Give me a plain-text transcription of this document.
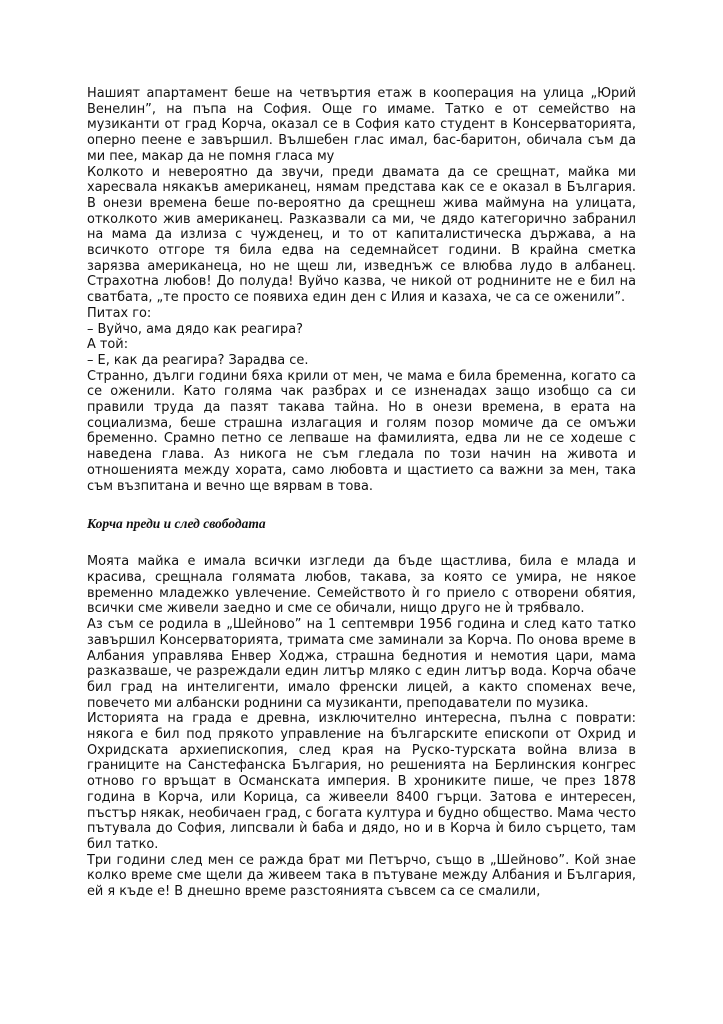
Нашият апартамент беше на четвъртия етаж в кооперация на улица „Юрий Венелин”, на пъпа на София. Още го имаме. Татко е от семейство на музиканти от град Корча, оказал се в София като студент в Консерваторията, оперно пеене е завършил. Вълшебен глас имал, бас-баритон, обичала съм да ми пее, макар да не помня гласа му

Колкото и невероятно да звучи, преди двамата да се срещнат, майка ми харесвала някакъв американец, нямам представа как се е оказал в България. В онези времена беше по-вероятно да срещнеш жива маймуна на улицата, отколкото жив американец. Разказвали са ми, че дядо категорично забранил на мама да излиза с чужденец, и то от капиталистическа държава, а на всичкото отгоре тя била едва на седемнайсет години. В крайна сметка зарязва американеца, но не щеш ли, изведнъж се влюбва лудо в албанец. Страхотна любов! До полуда! Вуйчо казва, че никой от роднините не е бил на сватбата, „те просто се появиха един ден с Илия и казаха, че са се оженили”.

Питах го:

– Вуйчо, ама дядо как реагира?

А той:

– Е, как да реагира? Зарадва се.

Странно, дълги години бяха крили от мен, че мама е била бременна, когато са се оженили. Като голяма чак разбрах и се изненадах защо изобщо са си правили труда да пазят такава тайна. Но в онези времена, в ерата на социализма, беше страшна излагация и голям позор момиче да се омъжи бременно. Срамно петно се лепваше на фамилията, едва ли не се ходеше с наведена глава. Аз никога не съм гледала по този начин на живота и отношенията между хората, само любовта и щастието са важни за мен, така съм възпитана и вечно ще вярвам в това.

Корча преди и след свободата

Моята майка е имала всички изгледи да бъде щастлива, била е млада и красива, срещнала голямата любов, такава, за която се умира, не някое временно младежко увлечение. Семейството ѝ го приело с отворени обятия, всички сме живели заедно и сме се обичали, нищо друго не ѝ трябвало.

Аз съм се родила в „Шейново” на 1 септември 1956 година и след като татко завършил Консерваторията, тримата сме заминали за Корча. По онова време в Албания управлява Енвер Ходжа, страшна беднотия и немотия цари, мама разказваше, че разреждали един литър мляко с един литър вода. Корча обаче бил град на интелигенти, имало френски лицей, а както споменах вече, повечето ми албански роднини са музиканти, преподаватели по музика.

Историята на града е древна, изключително интересна, пълна с поврати: някога е бил под прякото управление на българските епископи от Охрид и Охридската архиепископия, след края на Руско-турската война влиза в границите на Санстефанска България, но решенията на Берлинския конгрес отново го връщат в Османската империя. В хрониките пише, че през 1878 година в Корча, или Корица, са живеели 8400 гърци. Затова е интересен, пъстър някак, необичаен град, с богата култура и будно общество. Мама често пътувала до София, липсвали ѝ баба и дядо, но и в Корча ѝ било сърцето, там бил татко.

Три години след мен се ражда брат ми Петърчо, също в „Шейново”. Кой знае колко време сме щели да живеем така в пътуване между Албания и България, ей я къде е! В днешно време разстоянията съвсем са се смалили,
